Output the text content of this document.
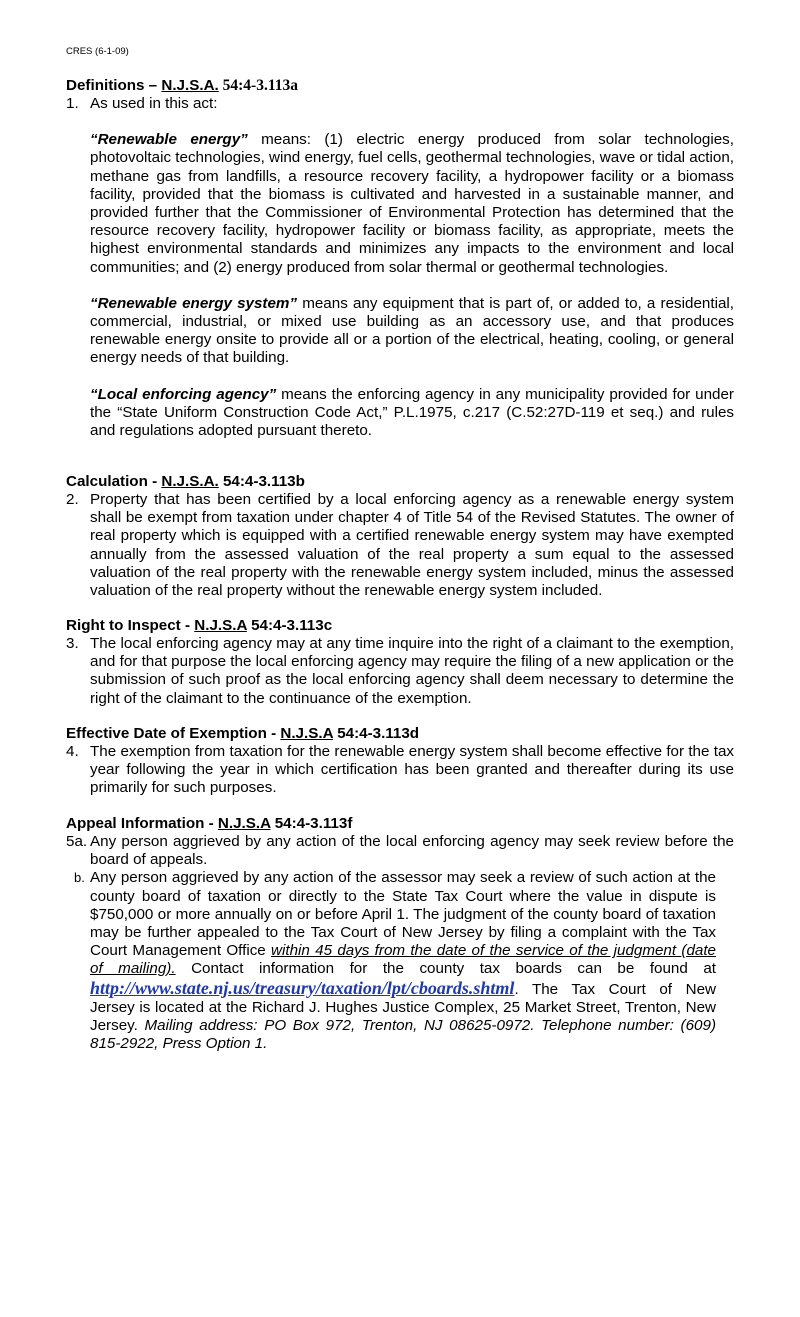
CRES (6-1-09)
Definitions – N.J.S.A. 54:4-3.113a
1. As used in this act:
“Renewable energy” means: (1) electric energy produced from solar technologies, photovoltaic technologies, wind energy, fuel cells, geothermal technologies, wave or tidal action, methane gas from landfills, a resource recovery facility, a hydropower facility or a biomass facility, provided that the biomass is cultivated and harvested in a sustainable manner, and provided further that the Commissioner of Environmental Protection has determined that the resource recovery facility, hydropower facility or biomass facility, as appropriate, meets the highest environmental standards and minimizes any impacts to the environment and local communities; and (2) energy produced from solar thermal or geothermal technologies.
“Renewable energy system” means any equipment that is part of, or added to, a residential, commercial, industrial, or mixed use building as an accessory use, and that produces renewable energy onsite to provide all or a portion of the electrical, heating, cooling, or general energy needs of that building.
“Local enforcing agency” means the enforcing agency in any municipality provided for under the “State Uniform Construction Code Act,” P.L.1975, c.217 (C.52:27D-119 et seq.) and rules and regulations adopted pursuant thereto.
Calculation - N.J.S.A. 54:4-3.113b
2. Property that has been certified by a local enforcing agency as a renewable energy system shall be exempt from taxation under chapter 4 of Title 54 of the Revised Statutes. The owner of real property which is equipped with a certified renewable energy system may have exempted annually from the assessed valuation of the real property a sum equal to the assessed valuation of the real property with the renewable energy system included, minus the assessed valuation of the real property without the renewable energy system included.
Right to Inspect - N.J.S.A 54:4-3.113c
3. The local enforcing agency may at any time inquire into the right of a claimant to the exemption, and for that purpose the local enforcing agency may require the filing of a new application or the submission of such proof as the local enforcing agency shall deem necessary to determine the right of the claimant to the continuance of the exemption.
Effective Date of Exemption - N.J.S.A 54:4-3.113d
4. The exemption from taxation for the renewable energy system shall become effective for the tax year following the year in which certification has been granted and thereafter during its use primarily for such purposes.
Appeal Information - N.J.S.A 54:4-3.113f
5a. Any person aggrieved by any action of the local enforcing agency may seek review before the board of appeals.
b. Any person aggrieved by any action of the assessor may seek a review of such action at the county board of taxation or directly to the State Tax Court where the value in dispute is $750,000 or more annually on or before April 1. The judgment of the county board of taxation may be further appealed to the Tax Court of New Jersey by filing a complaint with the Tax Court Management Office within 45 days from the date of the service of the judgment (date of mailing). Contact information for the county tax boards can be found at http://www.state.nj.us/treasury/taxation/lpt/cboards.shtml. The Tax Court of New Jersey is located at the Richard J. Hughes Justice Complex, 25 Market Street, Trenton, New Jersey. Mailing address: PO Box 972, Trenton, NJ 08625-0972. Telephone number: (609) 815-2922, Press Option 1.
